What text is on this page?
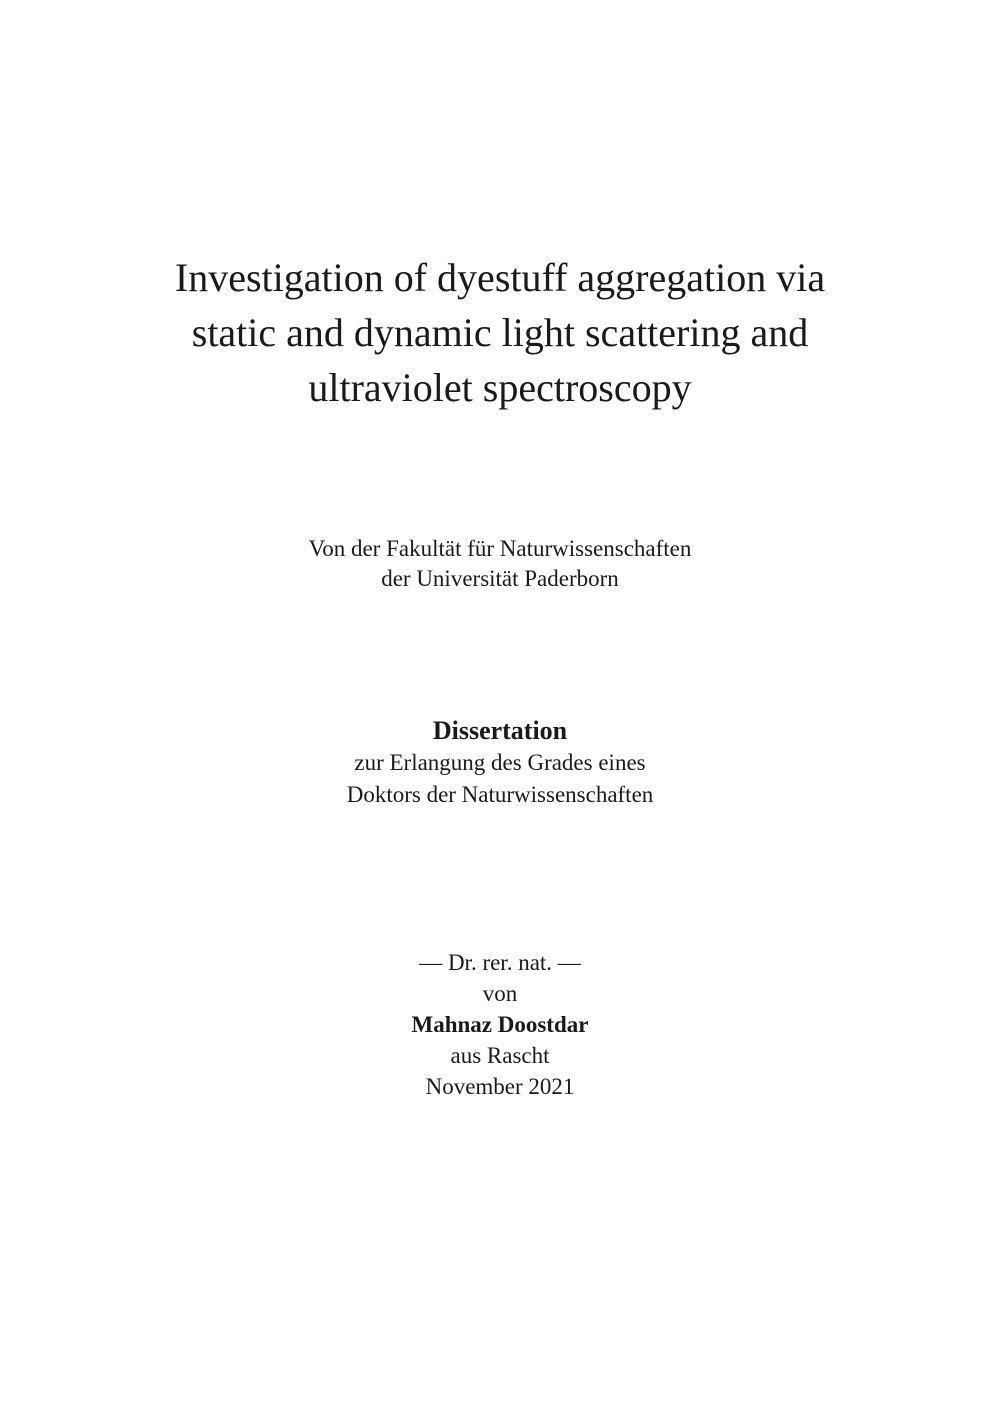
Investigation of dyestuff aggregation via
static and dynamic light scattering and
ultraviolet spectroscopy
Von der Fakultät für Naturwissenschaften
der Universität Paderborn
Dissertation
zur Erlangung des Grades eines
Doktors der Naturwissenschaften
— Dr. rer. nat. —
von
Mahnaz Doostdar
aus Rascht
November 2021
